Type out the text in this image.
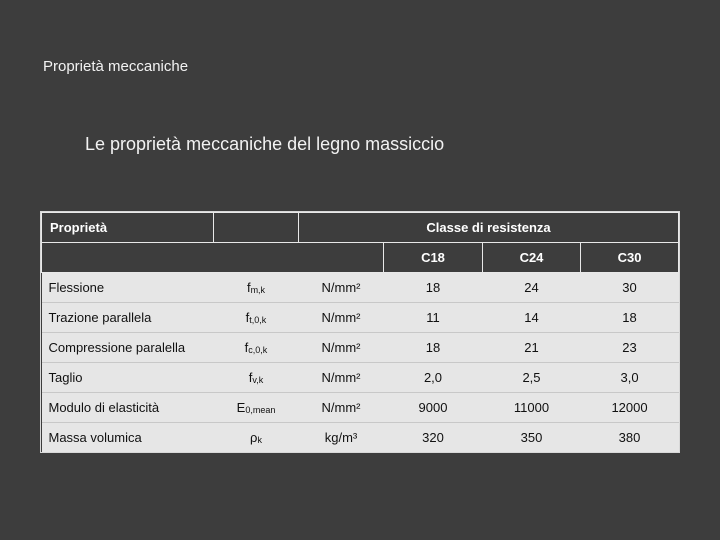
Proprietà meccaniche
Le proprietà meccaniche del legno massiccio
Proprietà		Classe di resistenza			
			C18	C24	C30
Flessione	$f_{m,k}$	N/mm²	18	24	30
Trazione parallela	$f_{t,0,k}$	N/mm²	11	14	18
Compressione paralella	$f_{c,0,k}$	N/mm²	18	21	23
Taglio	$f_{v,k}$	N/mm²	2,0	2,5	3,0
Modulo di elasticità	$E_{0,mean}$	N/mm²	9000	11000	12000
Massa volumica	$\rho_k$	kg/m³	320	350	380
